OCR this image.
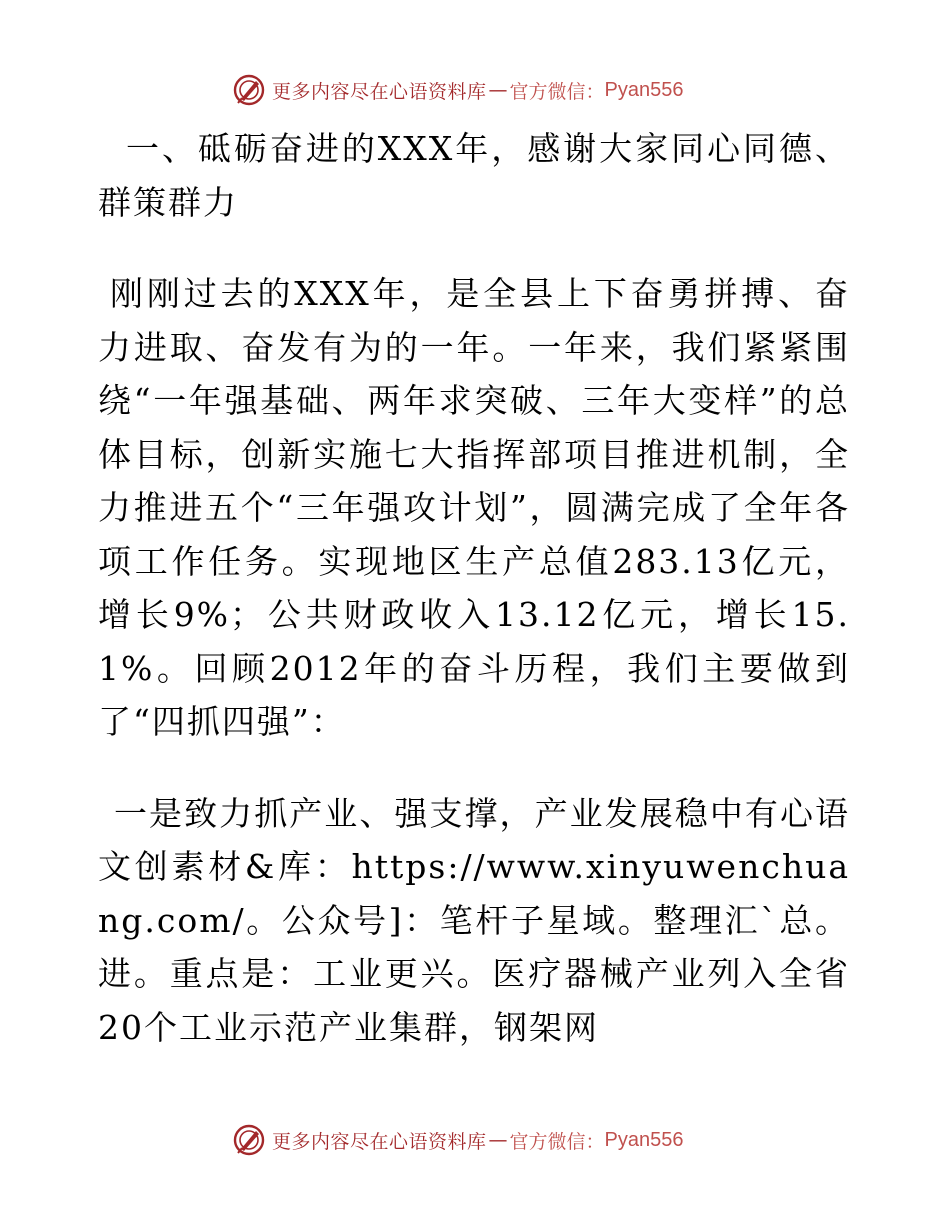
更多内容尽在心语资料库 — 官方微信： Pyan556

一、砥砺奋进的XXX年，感谢大家同心同德、群策群力

刚刚过去的XXX年，是全县上下奋勇拼搏、奋力进取、奋发有为的一年。一年来，我们紧紧围绕“一年强基础、两年求突破、三年大变样”的总体目标，创新实施七大指挥部项目推进机制，全力推进五个“三年强攻计划”，圆满完成了全年各项工作任务。实现地区生产总值283.13亿元，增长9%；公共财政收入13.12亿元，增长15.1%。回顾2012年的奋斗历程，我们主要做到了“四抓四强”：

一是致力抓产业、强支撑，产业发展稳中有心语文创素材&库：https://www.xinyuwenchuang.com/。公众号]：笔杆子星域。整理汇`总。进。重点是：工业更兴。医疗器械产业列入全省20个工业示范产业集群，钢架网

更多内容尽在心语资料库 — 官方微信： Pyan556
